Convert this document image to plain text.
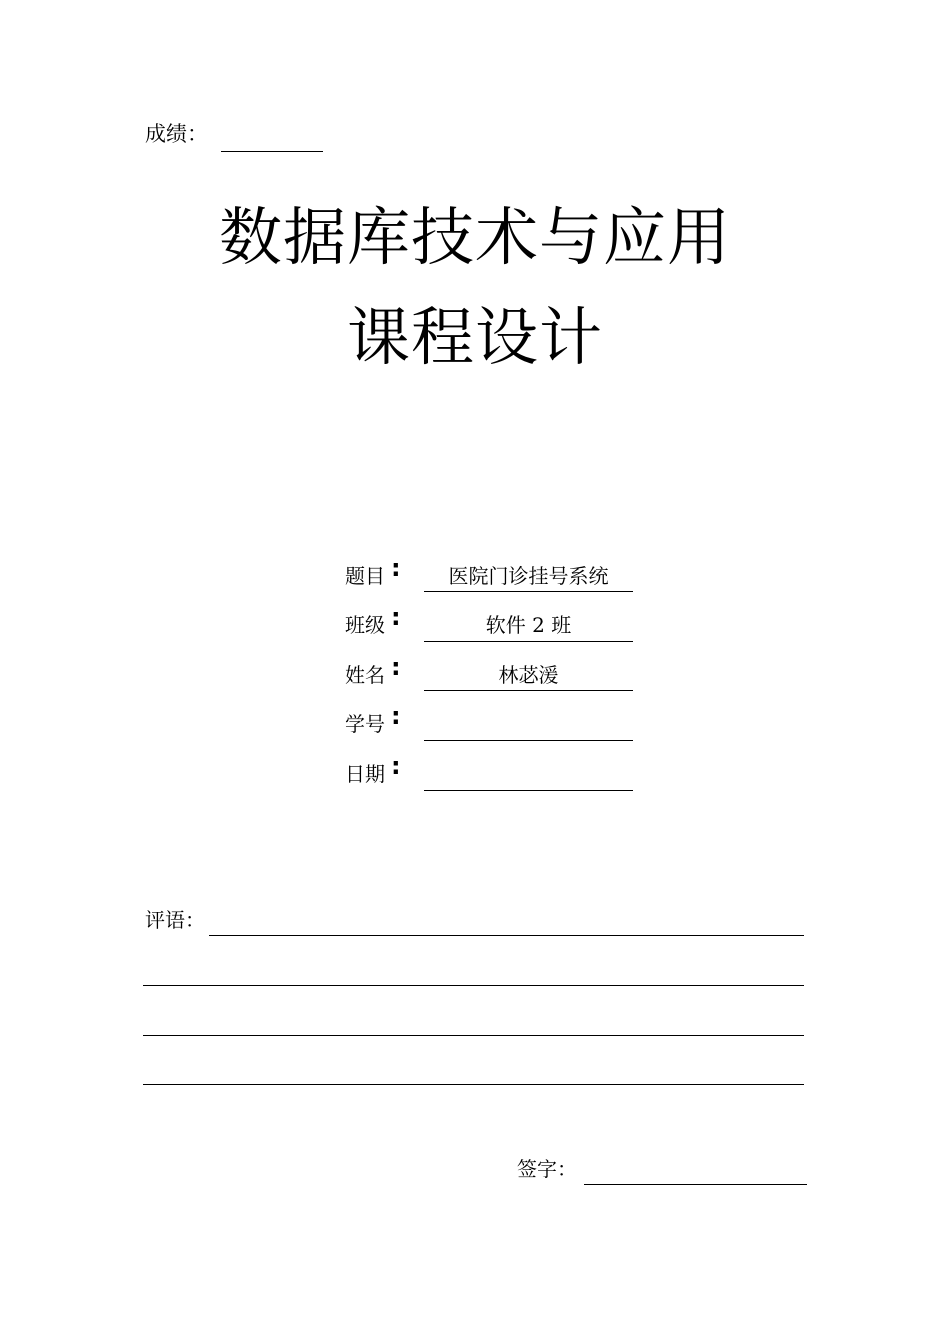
成绩：
数据库技术与应用
课程设计
题目 :	医院门诊挂号系统
班级 :	软件 2 班
姓名 :	林苾湲
学号 :
日期 :
评语：
签字：
